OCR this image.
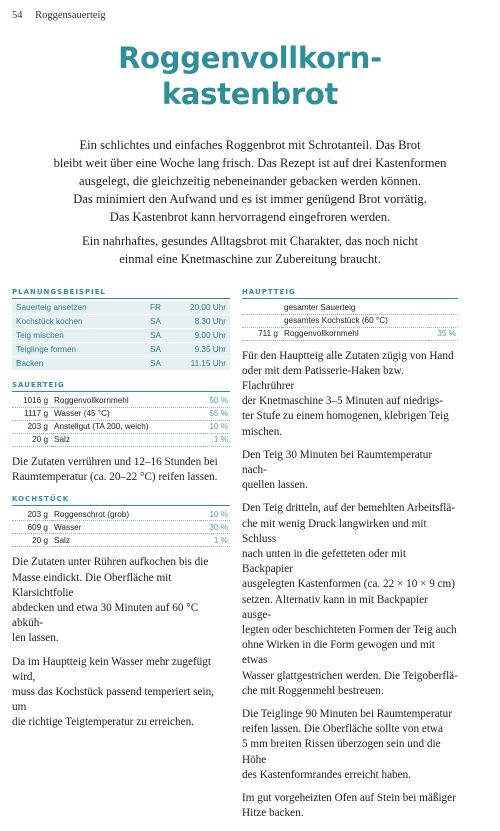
54 Roggensauerteig
Roggenvollkorn-
kastenbrot

Ein schlichtes und einfaches Roggenbrot mit Schrotanteil. Das Brot
bleibt weit über eine Woche lang frisch. Das Rezept ist auf drei Kastenformen
ausgelegt, die gleichzeitig nebeneinander gebacken werden können.
Das minimiert den Aufwand und es ist immer genügend Brot vorrätig.
Das Kastenbrot kann hervorragend eingefroren werden.

Ein nahrhaftes, gesundes Alltagsbrot mit Charakter, das noch nicht
einmal eine Knetmaschine zur Zubereitung braucht.

PLANUNGSBEISPIEL
Sauerteig ansetzen	FR	20.00 Uhr
Kochstück kochen	SA	8.30 Uhr
Teig mischen	SA	9.00 Uhr
Teiglinge formen	SA	9.35 Uhr
Backen	SA	11.15 Uhr
SAUERTEIG
1016 g	Roggenvollkornmehl	50 %
1117 g	Wasser (45 °C)	55 %
203 g	Anstellgut (TA 200, weich)	10 %
20 g	Salz	1 %

Die Zutaten verrühren und 12–16 Stunden bei
Raumtemperatur (ca. 20–22 °C) reifen lassen.

KOCHSTÜCK
203 g	Roggenschrot (grob)	10 %
609 g	Wasser	30 %
20 g	Salz	1 %

Die Zutaten unter Rühren aufkochen bis die
Masse eindickt. Die Oberfläche mit Klarsichtfolie
abdecken und etwa 30 Minuten auf 60 °C abküh-
len lassen.

Da im Hauptteig kein Wasser mehr zugefügt wird,
muss das Kochstück passend temperiert sein, um
die richtige Teigtemperatur zu erreichen.

HAUPTTEIG
	gesamter Sauerteig	
	gesamtes Kochstück (60 °C)	
711 g	Roggenvollkornmehl	35 %

Für den Hauptteig alle Zutaten zügig von Hand
oder mit dem Patisserie-Haken bzw. Flachrührer
der Knetmaschine 3–5 Minuten auf niedrigs-
ter Stufe zu einem homogenen, klebrigen Teig
mischen.

Den Teig 30 Minuten bei Raumtemperatur nach-
quellen lassen.

Den Teig dritteln, auf der bemehlten Arbeitsflä-
che mit wenig Druck langwirken und mit Schluss
nach unten in die gefetteten oder mit Backpapier
ausgelegten Kastenformen (ca. 22 × 10 × 9 cm)
setzen. Alternativ kann in mit Backpapier ausge-
legten oder beschichteten Formen der Teig auch
ohne Wirken in die Form gewogen und mit etwas
Wasser glattgestrichen werden. Die Teigoberflä-
che mit Roggenmehl bestreuen.

Die Teiglinge 90 Minuten bei Raumtemperatur
reifen lassen. Die Oberfläche sollte von etwa
5 mm breiten Rissen überzogen sein und die Höhe
des Kastenformrandes erreicht haben.

Im gut vorgeheizten Ofen auf Stein bei mäßiger
Hitze backen.
